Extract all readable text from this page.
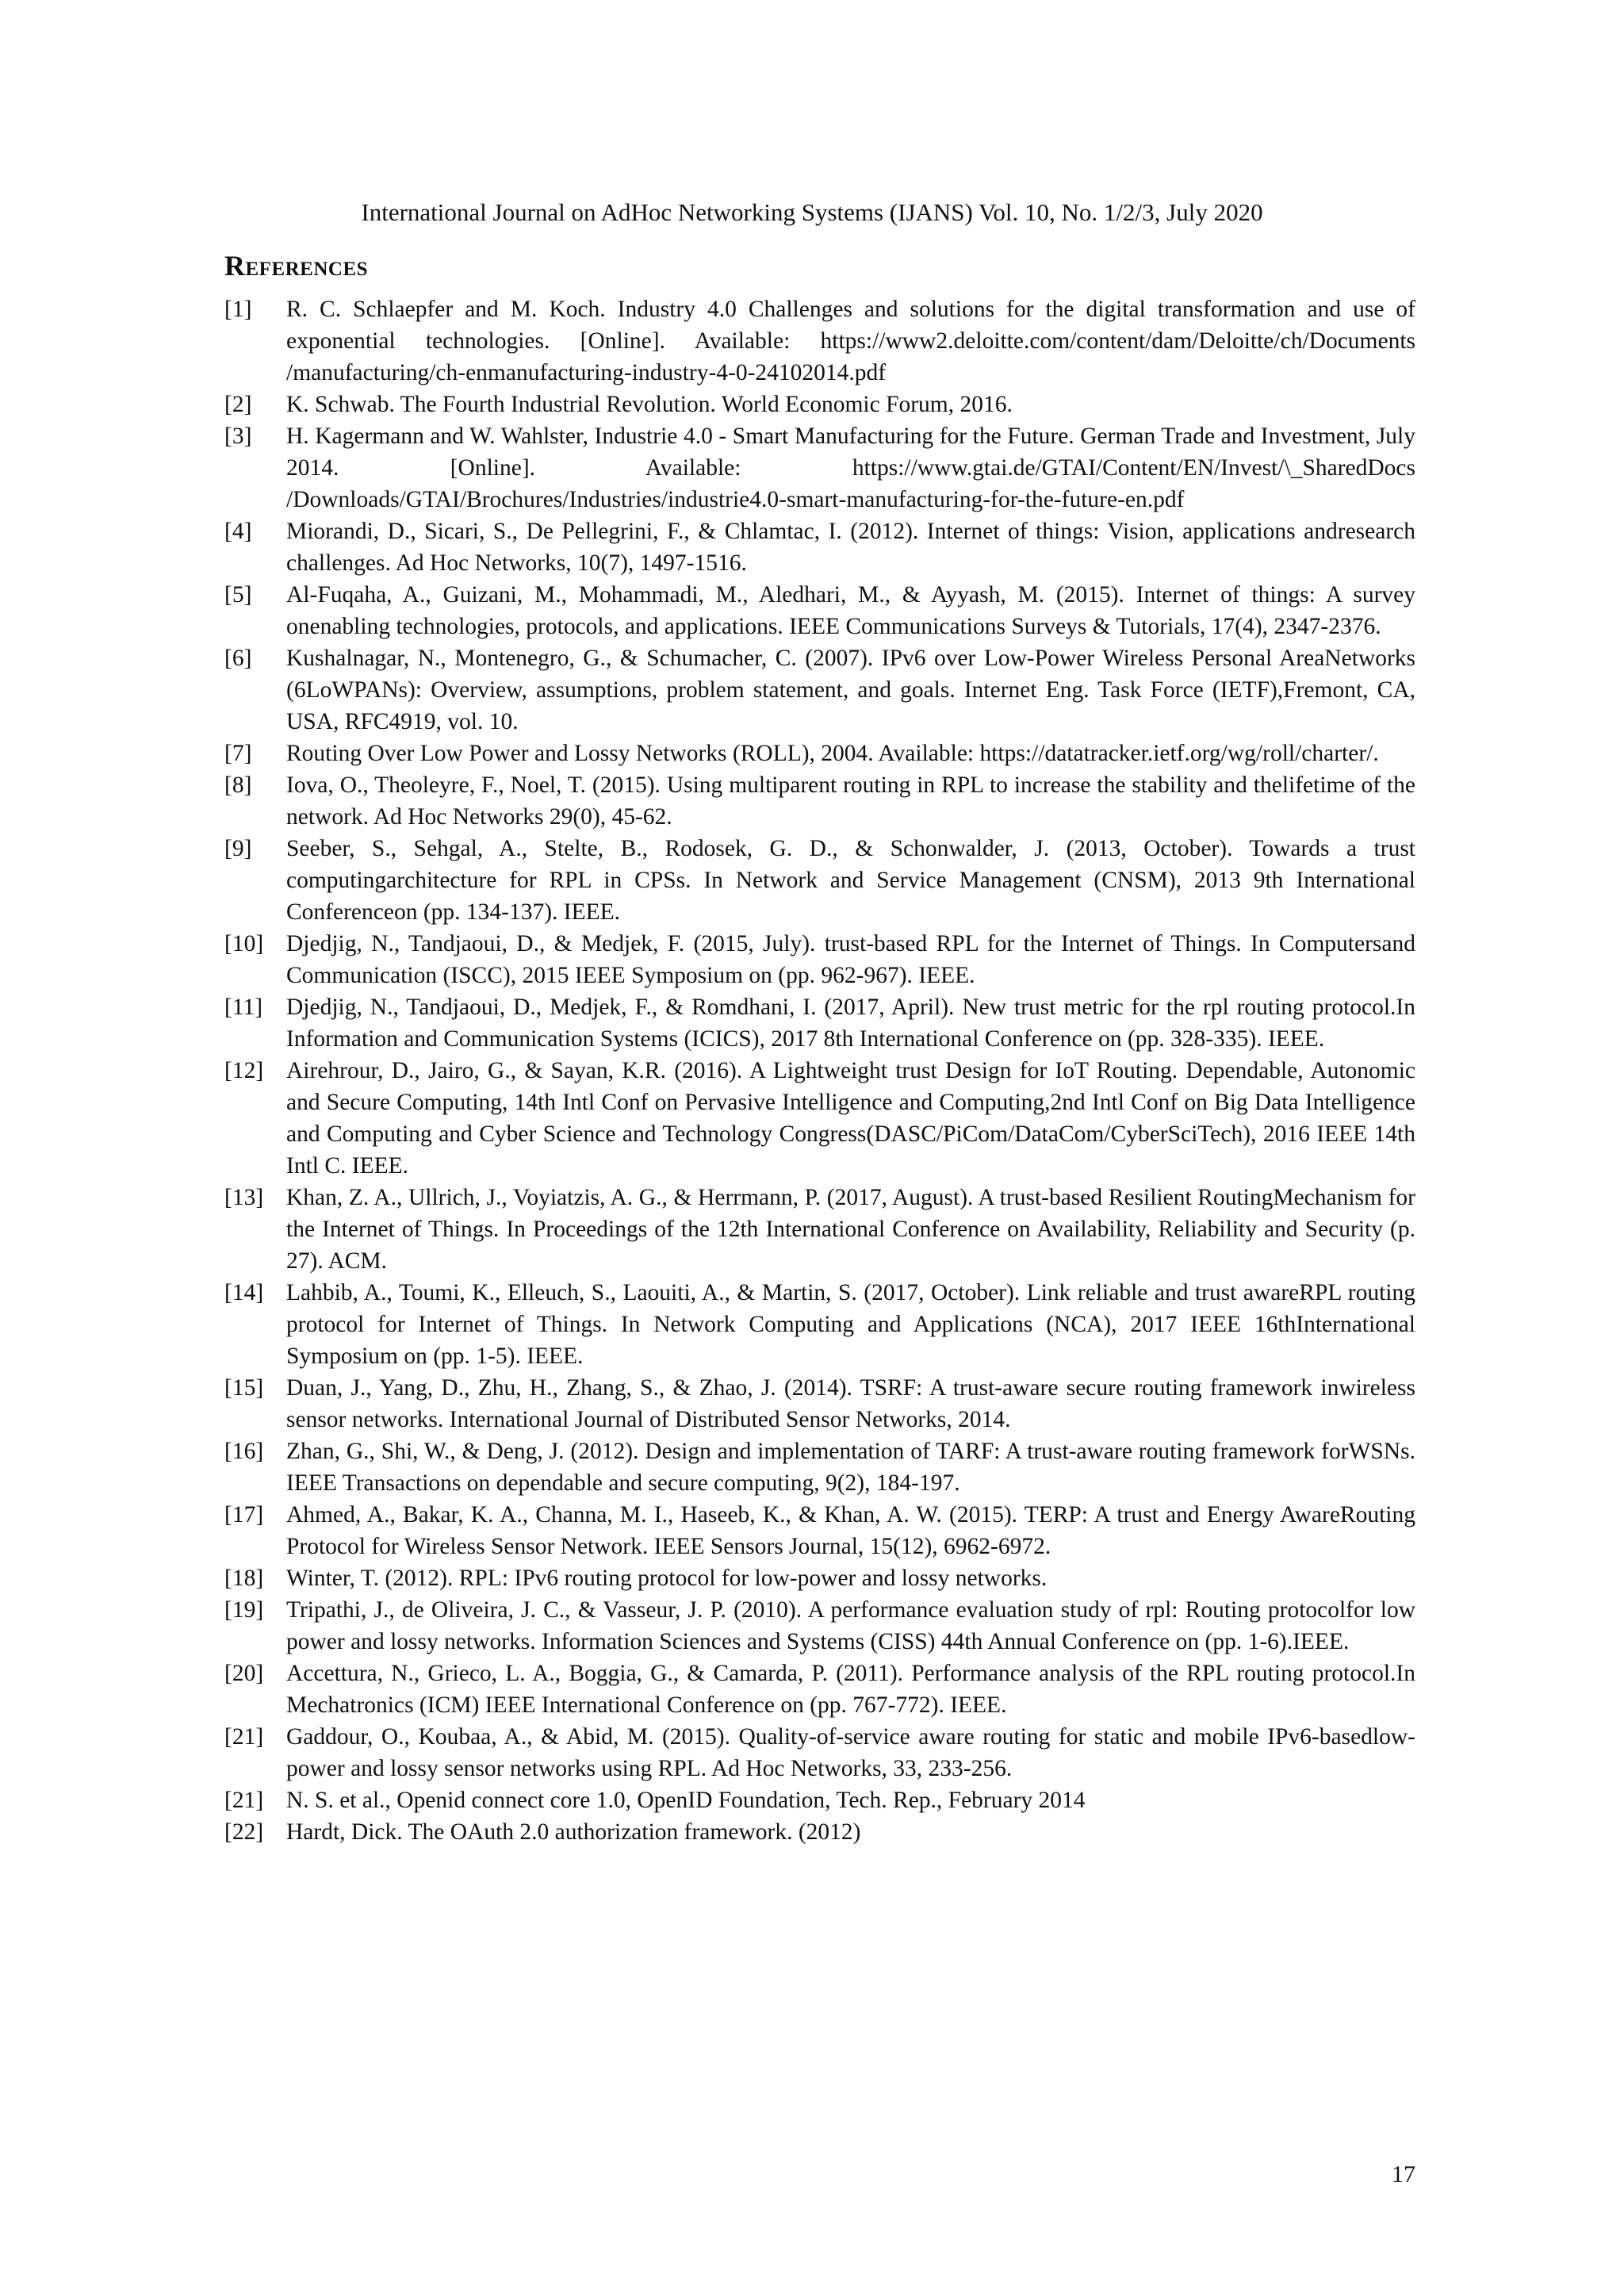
International Journal on AdHoc Networking Systems (IJANS) Vol. 10, No. 1/2/3, July 2020
References
[1]	R. C. Schlaepfer and M. Koch. Industry 4.0 Challenges and solutions for the digital transformation and use of exponential technologies. [Online]. Available: https://www2.deloitte.com/content/dam/Deloitte/ch/Documents /manufacturing/ch-enmanufacturing-industry-4-0-24102014.pdf
[2]	K. Schwab. The Fourth Industrial Revolution. World Economic Forum, 2016.
[3]	H. Kagermann and W. Wahlster, Industrie 4.0 - Smart Manufacturing for the Future. German Trade and Investment, July 2014. [Online]. Available: https://www.gtai.de/GTAI/Content/EN/Invest/\_SharedDocs /Downloads/GTAI/Brochures/Industries/industrie4.0-smart-manufacturing-for-the-future-en.pdf
[4]	Miorandi, D., Sicari, S., De Pellegrini, F., & Chlamtac, I. (2012). Internet of things: Vision, applications andresearch challenges. Ad Hoc Networks, 10(7), 1497-1516.
[5]	Al-Fuqaha, A., Guizani, M., Mohammadi, M., Aledhari, M., & Ayyash, M. (2015). Internet of things: A survey onenabling technologies, protocols, and applications. IEEE Communications Surveys & Tutorials, 17(4), 2347-2376.
[6]	Kushalnagar, N., Montenegro, G., & Schumacher, C. (2007). IPv6 over Low-Power Wireless Personal AreaNetworks (6LoWPANs): Overview, assumptions, problem statement, and goals. Internet Eng. Task Force (IETF),Fremont, CA, USA, RFC4919, vol. 10.
[7]	Routing Over Low Power and Lossy Networks (ROLL), 2004. Available: https://datatracker.ietf.org/wg/roll/charter/.
[8]	Iova, O., Theoleyre, F., Noel, T. (2015). Using multiparent routing in RPL to increase the stability and thelifetime of the network. Ad Hoc Networks 29(0), 45-62.
[9]	Seeber, S., Sehgal, A., Stelte, B., Rodosek, G. D., & Schonwalder, J. (2013, October). Towards a trust computingarchitecture for RPL in CPSs. In Network and Service Management (CNSM), 2013 9th International Conferenceon (pp. 134-137). IEEE.
[10] Djedjig, N., Tandjaoui, D., & Medjek, F. (2015, July). trust-based RPL for the Internet of Things. In Computersand Communication (ISCC), 2015 IEEE Symposium on (pp. 962-967). IEEE.
[11]	Djedjig, N., Tandjaoui, D., Medjek, F., & Romdhani, I. (2017, April). New trust metric for the rpl routing protocol.In Information and Communication Systems (ICICS), 2017 8th International Conference on (pp. 328-335). IEEE.
[12] Airehrour, D., Jairo, G., & Sayan, K.R. (2016). A Lightweight trust Design for IoT Routing. Dependable, Autonomic and Secure Computing, 14th Intl Conf on Pervasive Intelligence and Computing,2nd Intl Conf on Big Data Intelligence and Computing and Cyber Science and Technology Congress(DASC/PiCom/DataCom/CyberSciTech), 2016 IEEE 14th Intl C. IEEE.
[13] Khan, Z. A., Ullrich, J., Voyiatzis, A. G., & Herrmann, P. (2017, August). A trust-based Resilient RoutingMechanism for the Internet of Things. In Proceedings of the 12th International Conference on Availability, Reliability and Security (p. 27). ACM.
[14] Lahbib, A., Toumi, K., Elleuch, S., Laouiti, A., & Martin, S. (2017, October). Link reliable and trust awareRPL routing protocol for Internet of Things. In Network Computing and Applications (NCA), 2017 IEEE 16thInternational Symposium on (pp. 1-5). IEEE.
[15] Duan, J., Yang, D., Zhu, H., Zhang, S., & Zhao, J. (2014). TSRF: A trust-aware secure routing framework inwireless sensor networks. International Journal of Distributed Sensor Networks, 2014.
[16] Zhan, G., Shi, W., & Deng, J. (2012). Design and implementation of TARF: A trust-aware routing framework forWSNs. IEEE Transactions on dependable and secure computing, 9(2), 184-197.
[17] Ahmed, A., Bakar, K. A., Channa, M. I., Haseeb, K., & Khan, A. W. (2015). TERP: A trust and Energy AwareRouting Protocol for Wireless Sensor Network. IEEE Sensors Journal, 15(12), 6962-6972.
[18] Winter, T. (2012). RPL: IPv6 routing protocol for low-power and lossy networks.
[19] Tripathi, J., de Oliveira, J. C., & Vasseur, J. P. (2010). A performance evaluation study of rpl: Routing protocolfor low power and lossy networks. Information Sciences and Systems (CISS) 44th Annual Conference on (pp. 1-6).IEEE.
[20] Accettura, N., Grieco, L. A., Boggia, G., & Camarda, P. (2011). Performance analysis of the RPL routing protocol.In Mechatronics (ICM) IEEE International Conference on (pp. 767-772). IEEE.
[21] Gaddour, O., Koubaa, A., & Abid, M. (2015). Quality-of-service aware routing for static and mobile IPv6-basedlow-power and lossy sensor networks using RPL. Ad Hoc Networks, 33, 233-256.
[21] N. S. et al., Openid connect core 1.0, OpenID Foundation, Tech. Rep., February 2014
[22] Hardt, Dick. The OAuth 2.0 authorization framework. (2012)
17
